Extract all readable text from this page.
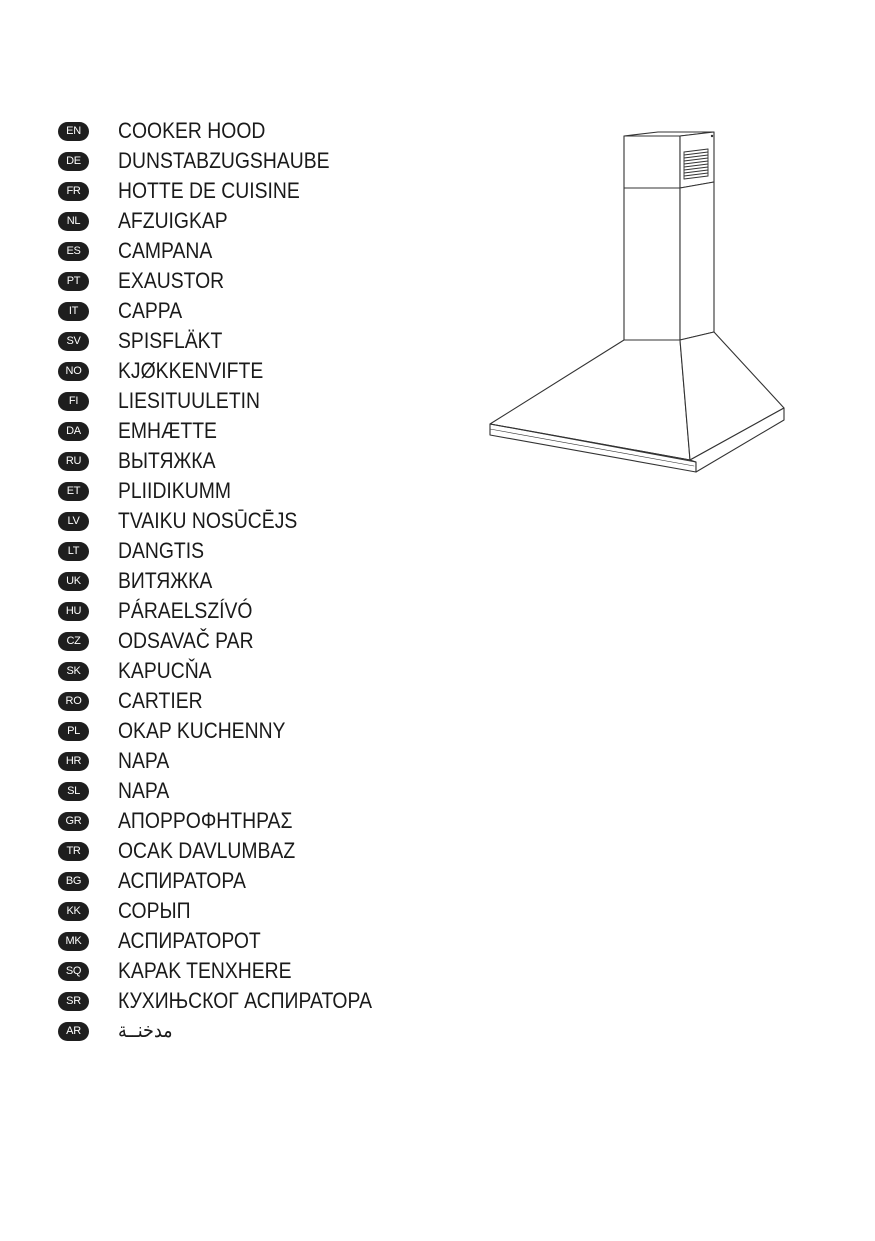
EN	COOKER HOOD
DE	DUNSTABZUGSHAUBE
FR	HOTTE DE CUISINE
NL	AFZUIGKAP
ES	CAMPANA
PT	EXAUSTOR
IT	CAPPA
SV	SPISFLÄKT
NO	KJØKKENVIFTE
FI	LIESITUULETIN
DA	EMHÆTTE
RU	ВЫТЯЖКА
ET	PLIIDIKUMM
LV	TVAIKU NOSŪCĒJS
LT	DANGTIS
UK	ВИТЯЖКА
HU	PÁRAELSZÍVÓ
CZ	ODSAVAČ PAR
SK	KAPUCŇA
RO	CARTIER
PL	OKAP KUCHENNY
HR	NAPA
SL	NAPA
GR	ΑΠΟΡΡΟΦΗΤΗΡΑΣ
TR	OCAK DAVLUMBAZ
BG	АСПИРАТОРА
KK	СОРЫП
MK	АСПИРАТОРОТ
SQ	KAPAK TENXHERE
SR	КУХИЊСКОГ АСПИРАТОРА
AR	مدخنــة
